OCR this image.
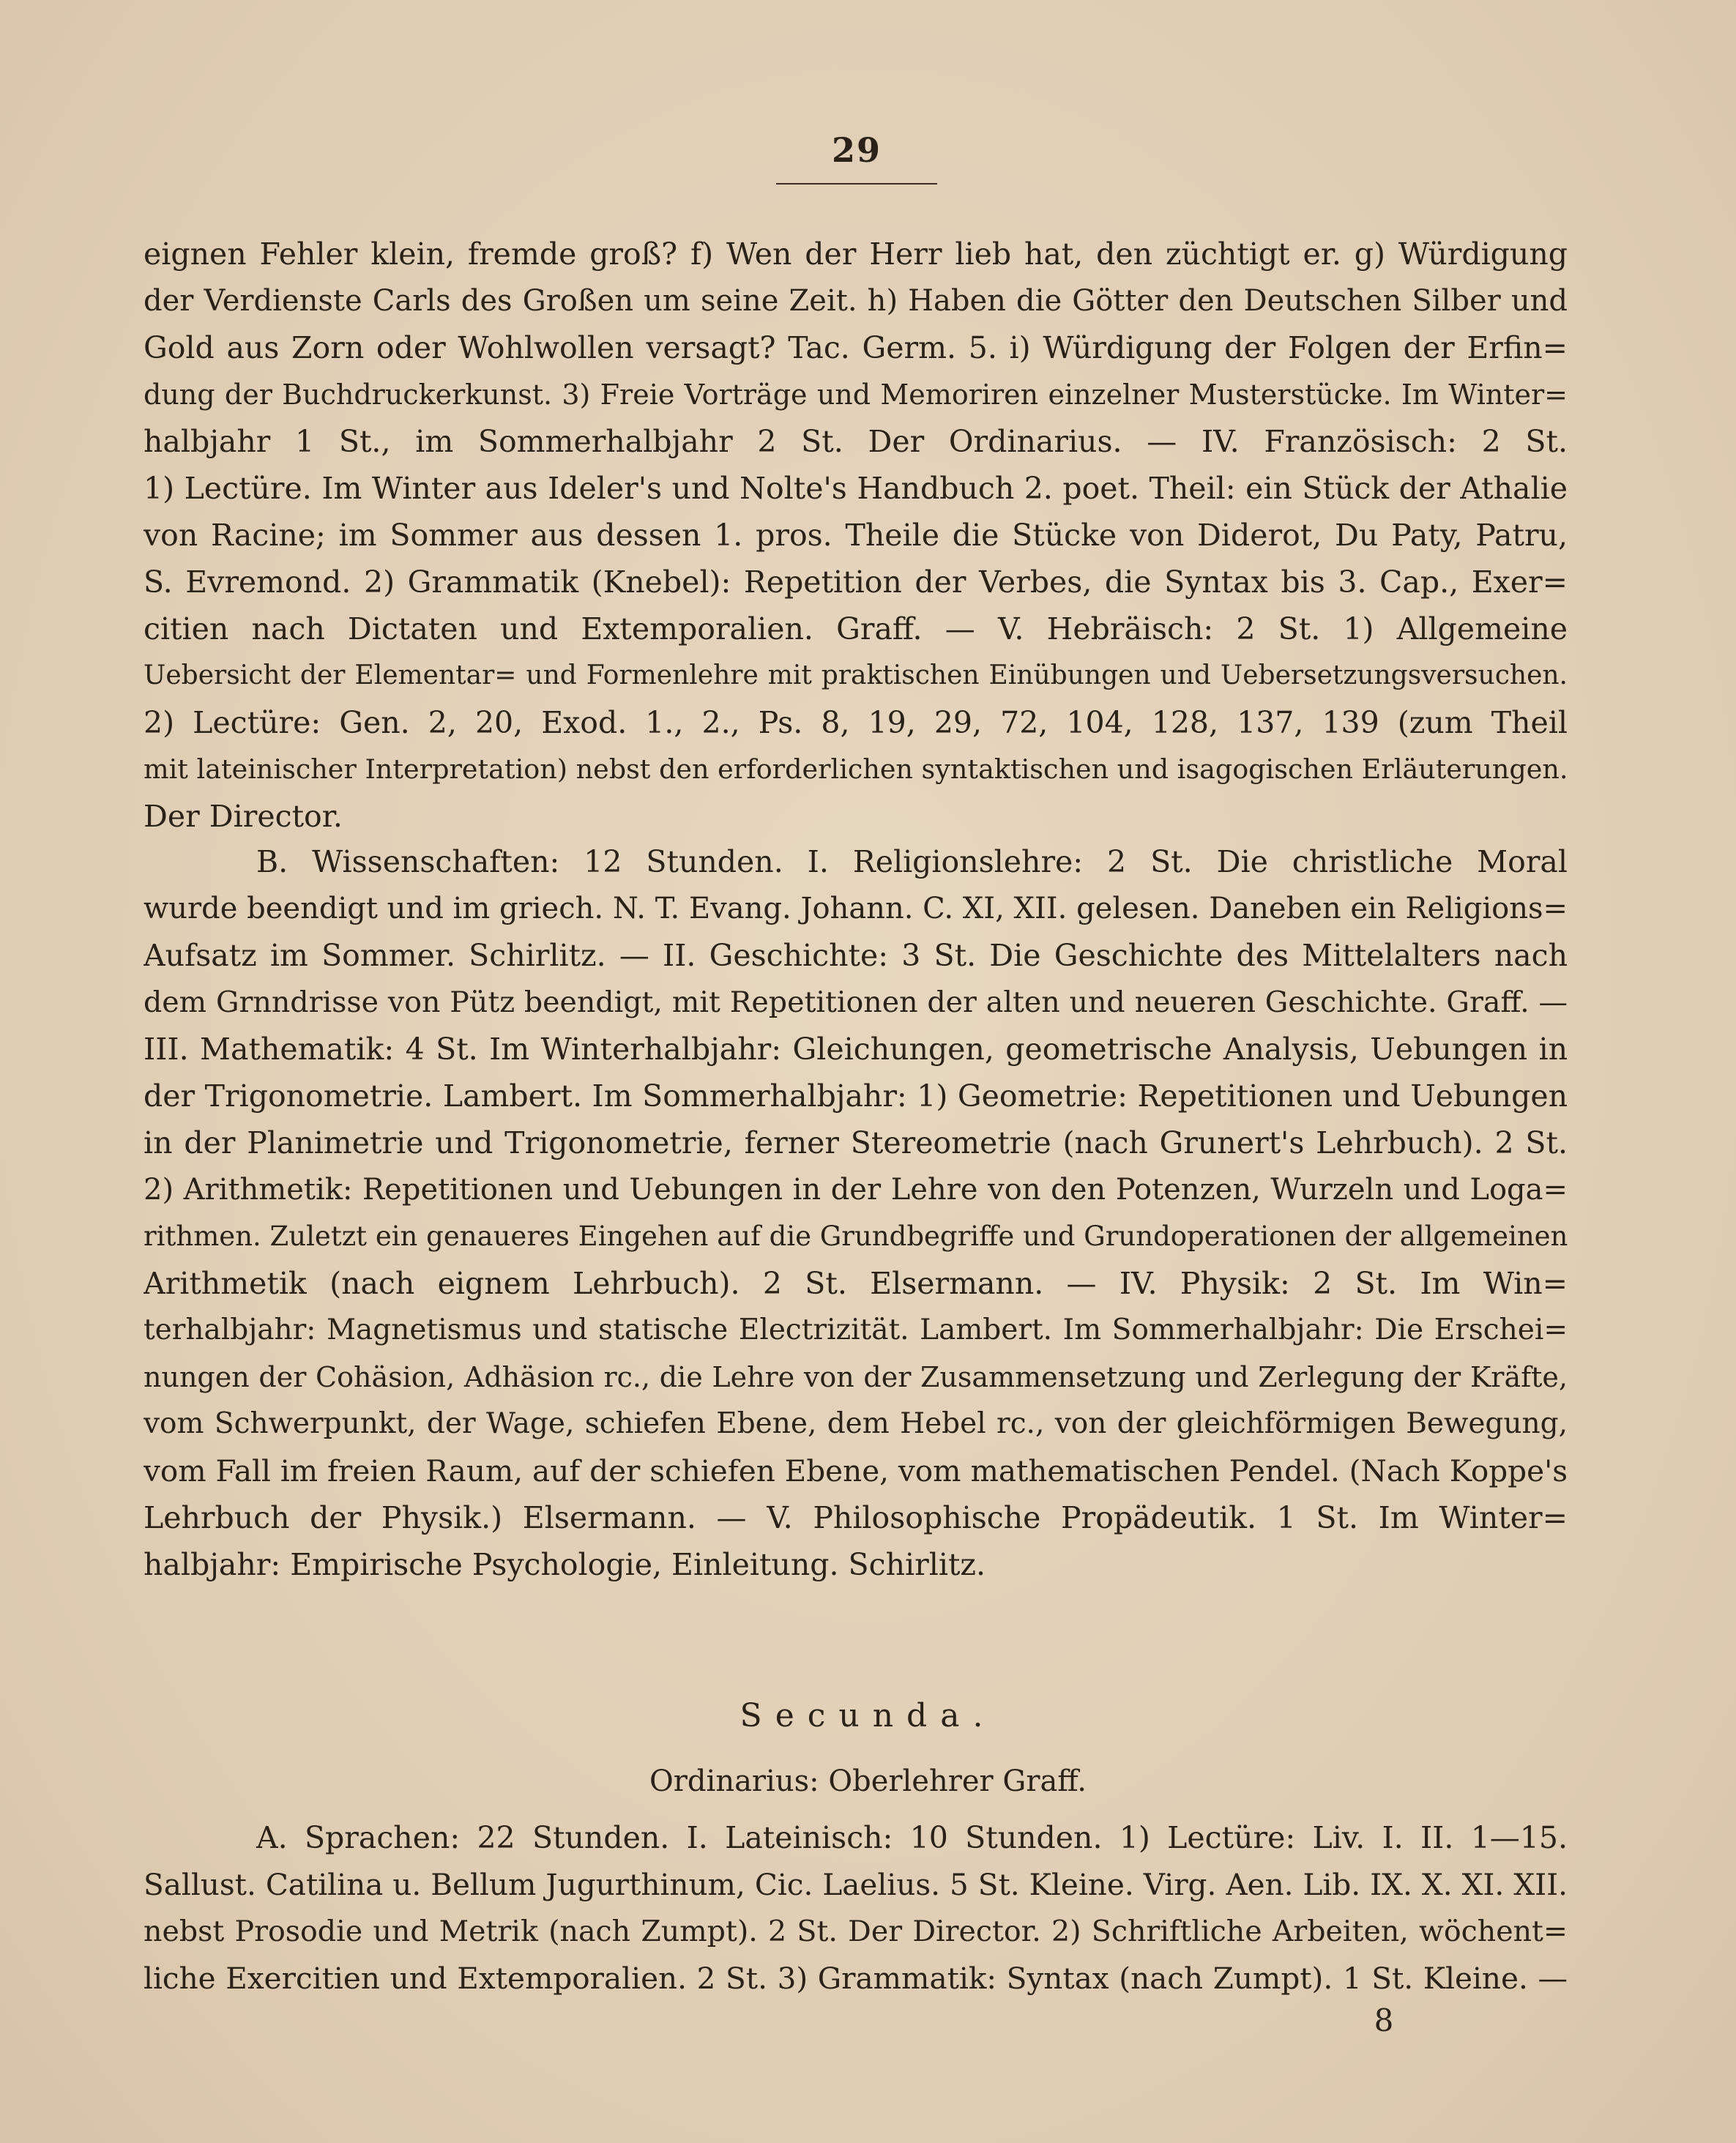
29
eignen Fehler klein, fremde groß? f) Wen der Herr lieb hat, den züchtigt er. g) Würdigung
der Verdienste Carls des Großen um seine Zeit. h) Haben die Götter den Deutschen Silber und
Gold aus Zorn oder Wohlwollen versagt? Tac. Germ. 5. i) Würdigung der Folgen der Erfin=
dung der Buchdruckerkunst. 3) Freie Vorträge und Memoriren einzelner Musterstücke. Im Winter=
halbjahr 1 St., im Sommerhalbjahr 2 St. Der Ordinarius. — IV. Französisch: 2 St.
1) Lectüre. Im Winter aus Ideler's und Nolte's Handbuch 2. poet. Theil: ein Stück der Athalie
von Racine; im Sommer aus dessen 1. pros. Theile die Stücke von Diderot, Du Paty, Patru,
S. Evremond. 2) Grammatik (Knebel): Repetition der Verbes, die Syntax bis 3. Cap., Exer=
citien nach Dictaten und Extemporalien. Graff. — V. Hebräisch: 2 St. 1) Allgemeine
Uebersicht der Elementar= und Formenlehre mit praktischen Einübungen und Uebersetzungsversuchen.
2) Lectüre: Gen. 2, 20, Exod. 1., 2., Ps. 8, 19, 29, 72, 104, 128, 137, 139 (zum Theil
mit lateinischer Interpretation) nebst den erforderlichen syntaktischen und isagogischen Erläuterungen.
Der Director.
B. Wissenschaften: 12 Stunden. I. Religionslehre: 2 St. Die christliche Moral
wurde beendigt und im griech. N. T. Evang. Johann. C. XI, XII. gelesen. Daneben ein Religions=
Aufsatz im Sommer. Schirlitz. — II. Geschichte: 3 St. Die Geschichte des Mittelalters nach
dem Grnndrisse von Pütz beendigt, mit Repetitionen der alten und neueren Geschichte. Graff. —
III. Mathematik: 4 St. Im Winterhalbjahr: Gleichungen, geometrische Analysis, Uebungen in
der Trigonometrie. Lambert. Im Sommerhalbjahr: 1) Geometrie: Repetitionen und Uebungen
in der Planimetrie und Trigonometrie, ferner Stereometrie (nach Grunert's Lehrbuch). 2 St.
2) Arithmetik: Repetitionen und Uebungen in der Lehre von den Potenzen, Wurzeln und Loga=
rithmen. Zuletzt ein genaueres Eingehen auf die Grundbegriffe und Grundoperationen der allgemeinen
Arithmetik (nach eignem Lehrbuch). 2 St. Elsermann. — IV. Physik: 2 St. Im Win=
terhalbjahr: Magnetismus und statische Electrizität. Lambert. Im Sommerhalbjahr: Die Erschei=
nungen der Cohäsion, Adhäsion rc., die Lehre von der Zusammensetzung und Zerlegung der Kräfte,
vom Schwerpunkt, der Wage, schiefen Ebene, dem Hebel rc., von der gleichförmigen Bewegung,
vom Fall im freien Raum, auf der schiefen Ebene, vom mathematischen Pendel. (Nach Koppe's
Lehrbuch der Physik.) Elsermann. — V. Philosophische Propädeutik. 1 St. Im Winter=
halbjahr: Empirische Psychologie, Einleitung. Schirlitz.
Secunda.
Ordinarius: Oberlehrer Graff.
A. Sprachen: 22 Stunden. I. Lateinisch: 10 Stunden. 1) Lectüre: Liv. I. II. 1—15.
Sallust. Catilina u. Bellum Jugurthinum, Cic. Laelius. 5 St. Kleine. Virg. Aen. Lib. IX. X. XI. XII.
nebst Prosodie und Metrik (nach Zumpt). 2 St. Der Director. 2) Schriftliche Arbeiten, wöchent=
liche Exercitien und Extemporalien. 2 St. 3) Grammatik: Syntax (nach Zumpt). 1 St. Kleine. —
8
